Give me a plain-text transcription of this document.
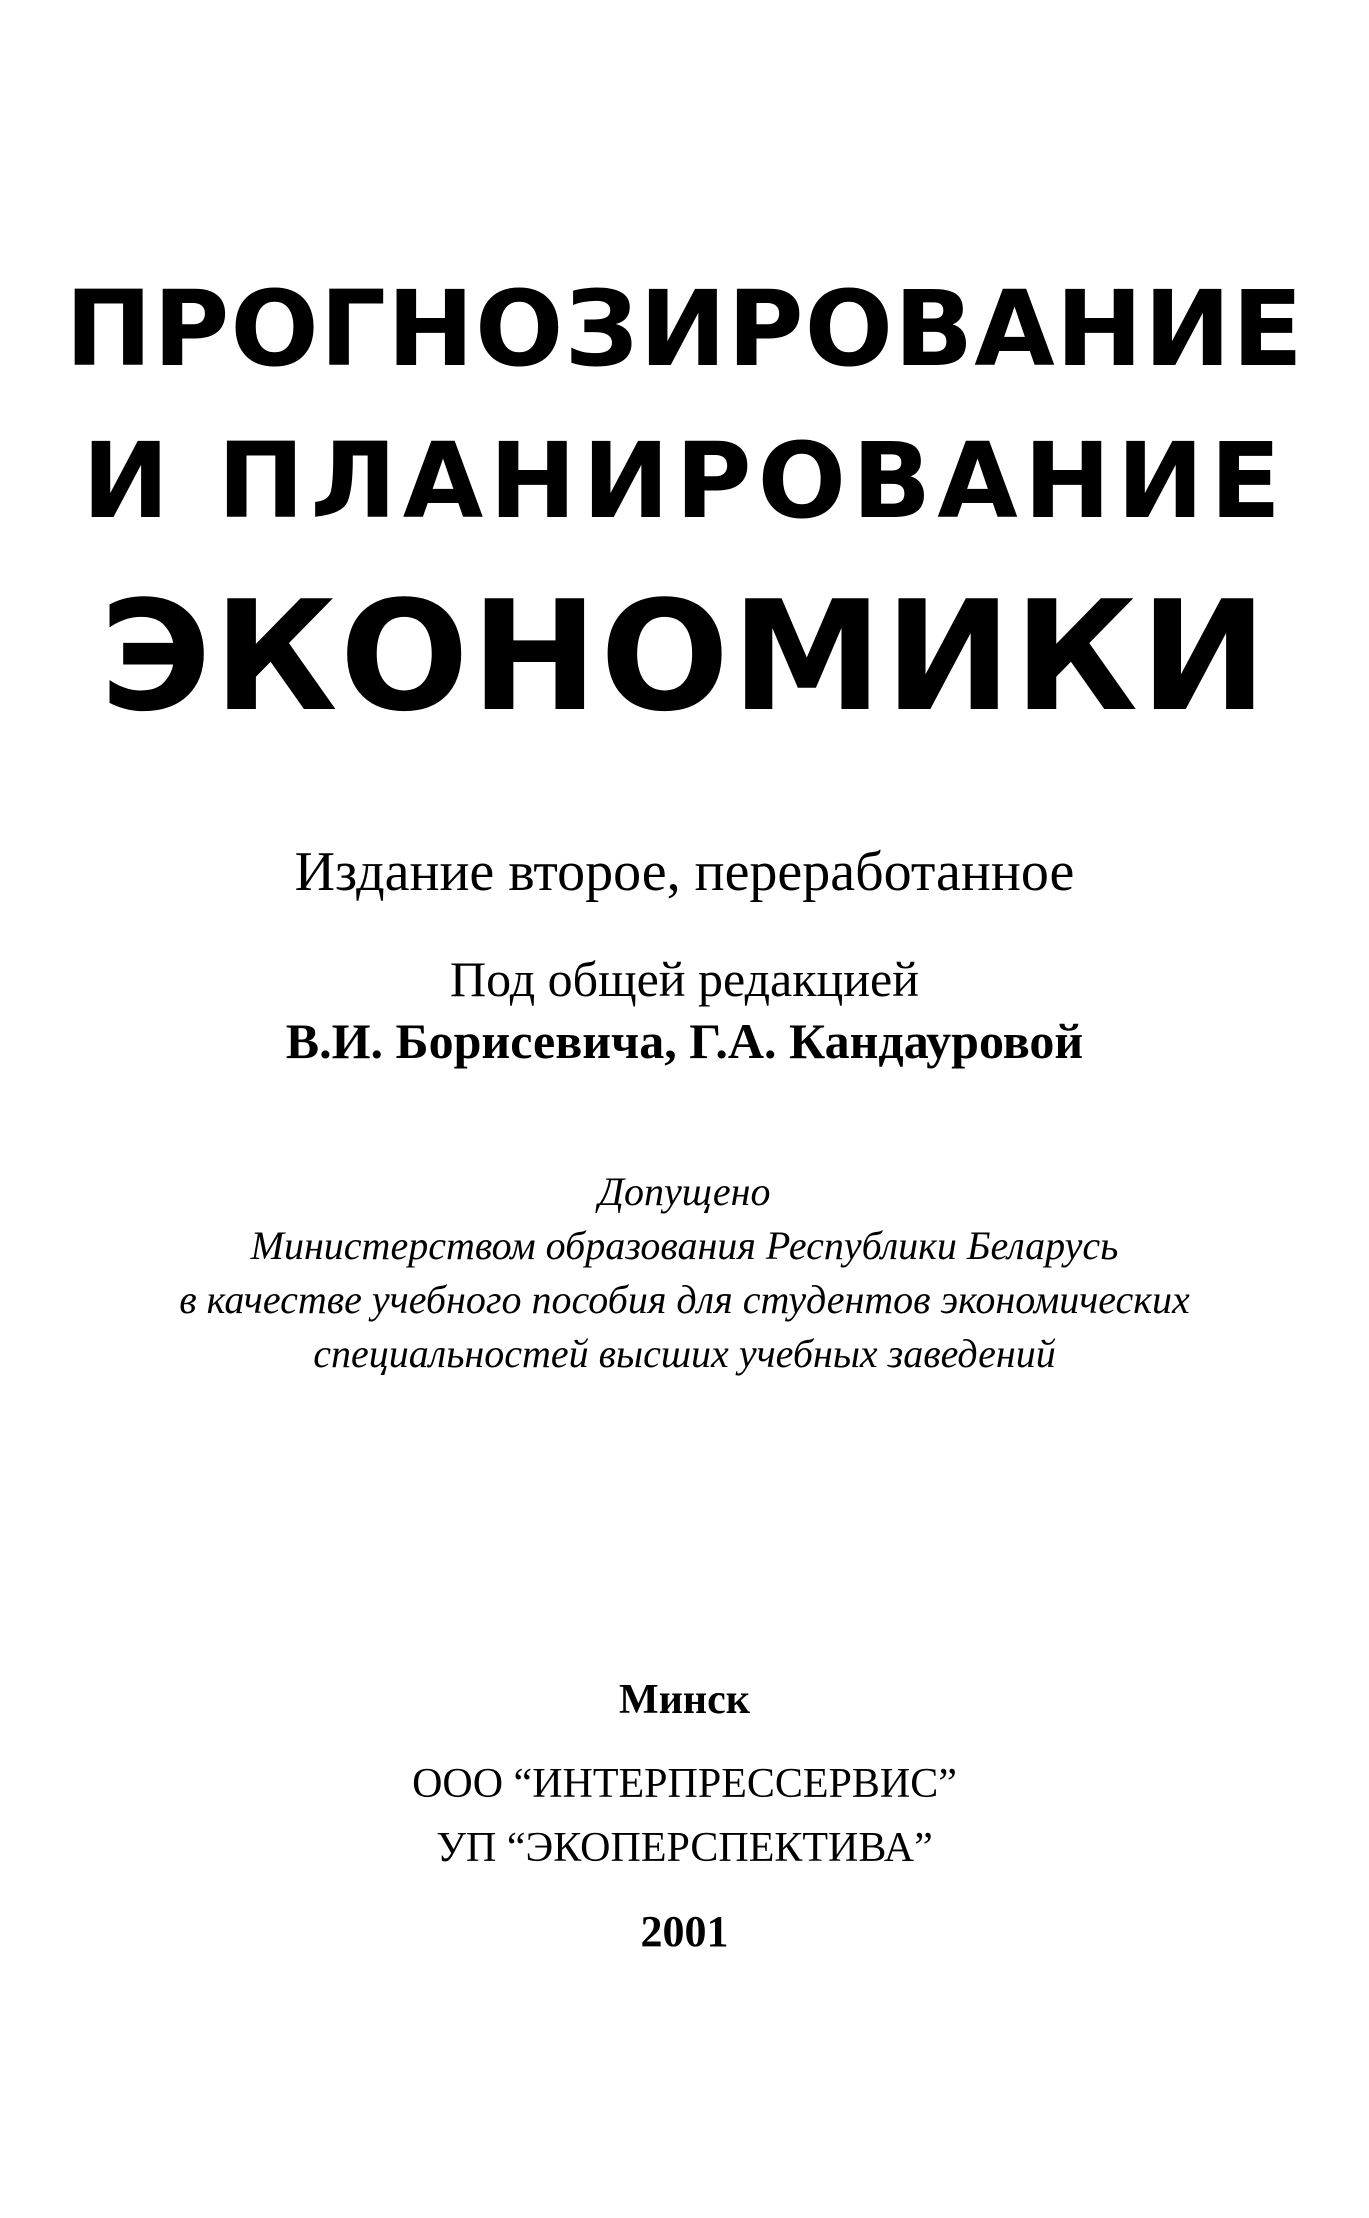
ПРОГНОЗИРОВАНИЕ
И ПЛАНИРОВАНИЕ
ЭКОНОМИКИ
Издание второе, переработанное
Под общей редакцией
В.И. Борисевича, Г.А. Кандауровой
Допущено
Министерством образования Республики Беларусь
в качестве учебного пособия для студентов экономических
специальностей высших учебных заведений
Минск
ООО “ИНТЕРПРЕССЕРВИС”
УП “ЭКОПЕРСПЕКТИВА”
2001
